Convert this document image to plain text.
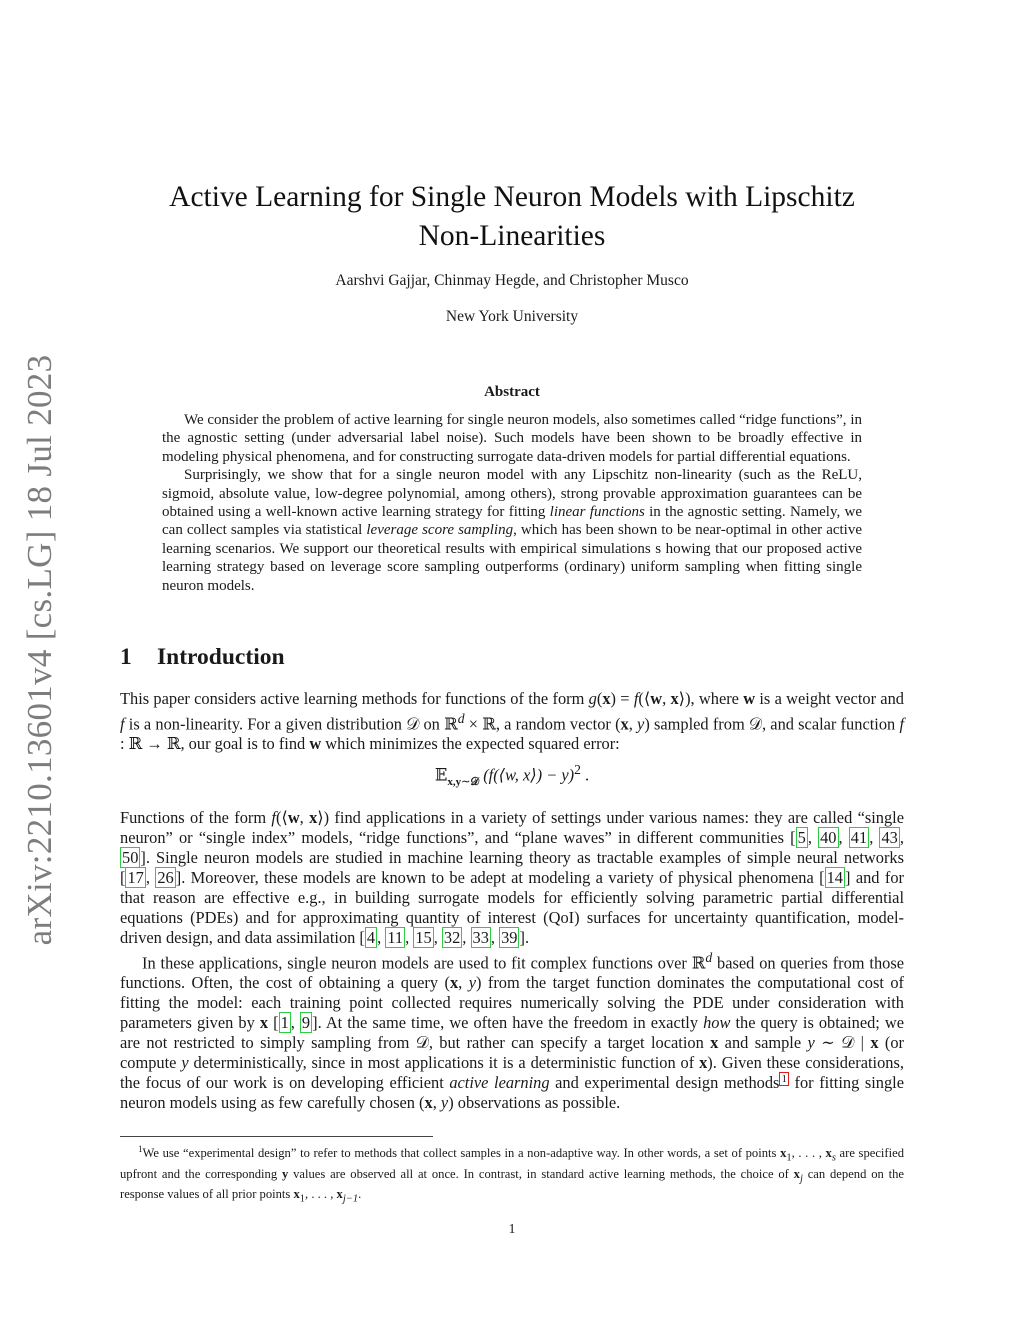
arXiv:2210.13601v4 [cs.LG] 18 Jul 2023
Active Learning for Single Neuron Models with Lipschitz
Non-Linearities
Aarshvi Gajjar, Chinmay Hegde, and Christopher Musco
New York University
Abstract

We consider the problem of active learning for single neuron models, also sometimes called “ridge functions”, in the agnostic setting (under adversarial label noise). Such models have been shown to be broadly effective in modeling physical phenomena, and for constructing surrogate data-driven models for partial differential equations.

Surprisingly, we show that for a single neuron model with any Lipschitz non-linearity (such as the ReLU, sigmoid, absolute value, low-degree polynomial, among others), strong provable approximation guarantees can be obtained using a well-known active learning strategy for fitting linear functions in the agnostic setting. Namely, we can collect samples via statistical leverage score sampling, which has been shown to be near-optimal in other active learning scenarios. We support our theoretical results with empirical simulations s howing that our proposed active learning strategy based on leverage score sampling outperforms (ordinary) uniform sampling when fitting single neuron models.

1 Introduction

This paper considers active learning methods for functions of the form g(x) = f(⟨w, x⟩), where w is a weight vector and f is a non-linearity. For a given distribution 𝒟 on ℝ$^d$ × ℝ, a random vector (x, y) sampled from 𝒟, and scalar function f : ℝ → ℝ, our goal is to find w which minimizes the expected squared error:

𝔼$_{x,y\sim 𝒟}$ (f(⟨w, x⟩) − y)$^2$ .

Functions of the form f(⟨w, x⟩) find applications in a variety of settings under various names: they are called “single neuron” or “single index” models, “ridge functions”, and “plane waves” in different communities [ 5 , 40 , 41 , 43 , 50 ]. Single neuron models are studied in machine learning theory as tractable examples of simple neural networks [ 17 , 26 ]. Moreover, these models are known to be adept at modeling a variety of physical phenomena [ 14 ] and for that reason are effective e.g., in building surrogate models for efficiently solving parametric partial differential equations (PDEs) and for approximating quantity of interest (QoI) surfaces for uncertainty quantification, model-driven design, and data assimilation [ 4 , 11 , 15 , 32 , 33 , 39 ].

In these applications, single neuron models are used to fit complex functions over ℝ$^d$ based on queries from those functions. Often, the cost of obtaining a query (x, y) from the target function dominates the computational cost of fitting the model: each training point collected requires numerically solving the PDE under consideration with parameters given by x [ 1 , 9 ]. At the same time, we often have the freedom in exactly how the query is obtained; we are not restricted to simply sampling from 𝒟, but rather can specify a target location x and sample y ∼ 𝒟 | x (or compute y deterministically, since in most applications it is a deterministic function of x). Given these considerations, the focus of our work is on developing efficient active learning and experimental design methods $^1$ for fitting single neuron models using as few carefully chosen (x, y) observations as possible.

$^1$We use “experimental design” to refer to methods that collect samples in a non-adaptive way. In other words, a set of points $x_1$, . . . , $x_s$ are specified upfront and the corresponding y values are observed all at once. In contrast, in standard active learning methods, the choice of $x_j$ can depend on the response values of all prior points $x_1$, . . . , $x_{j-1}$.

1
